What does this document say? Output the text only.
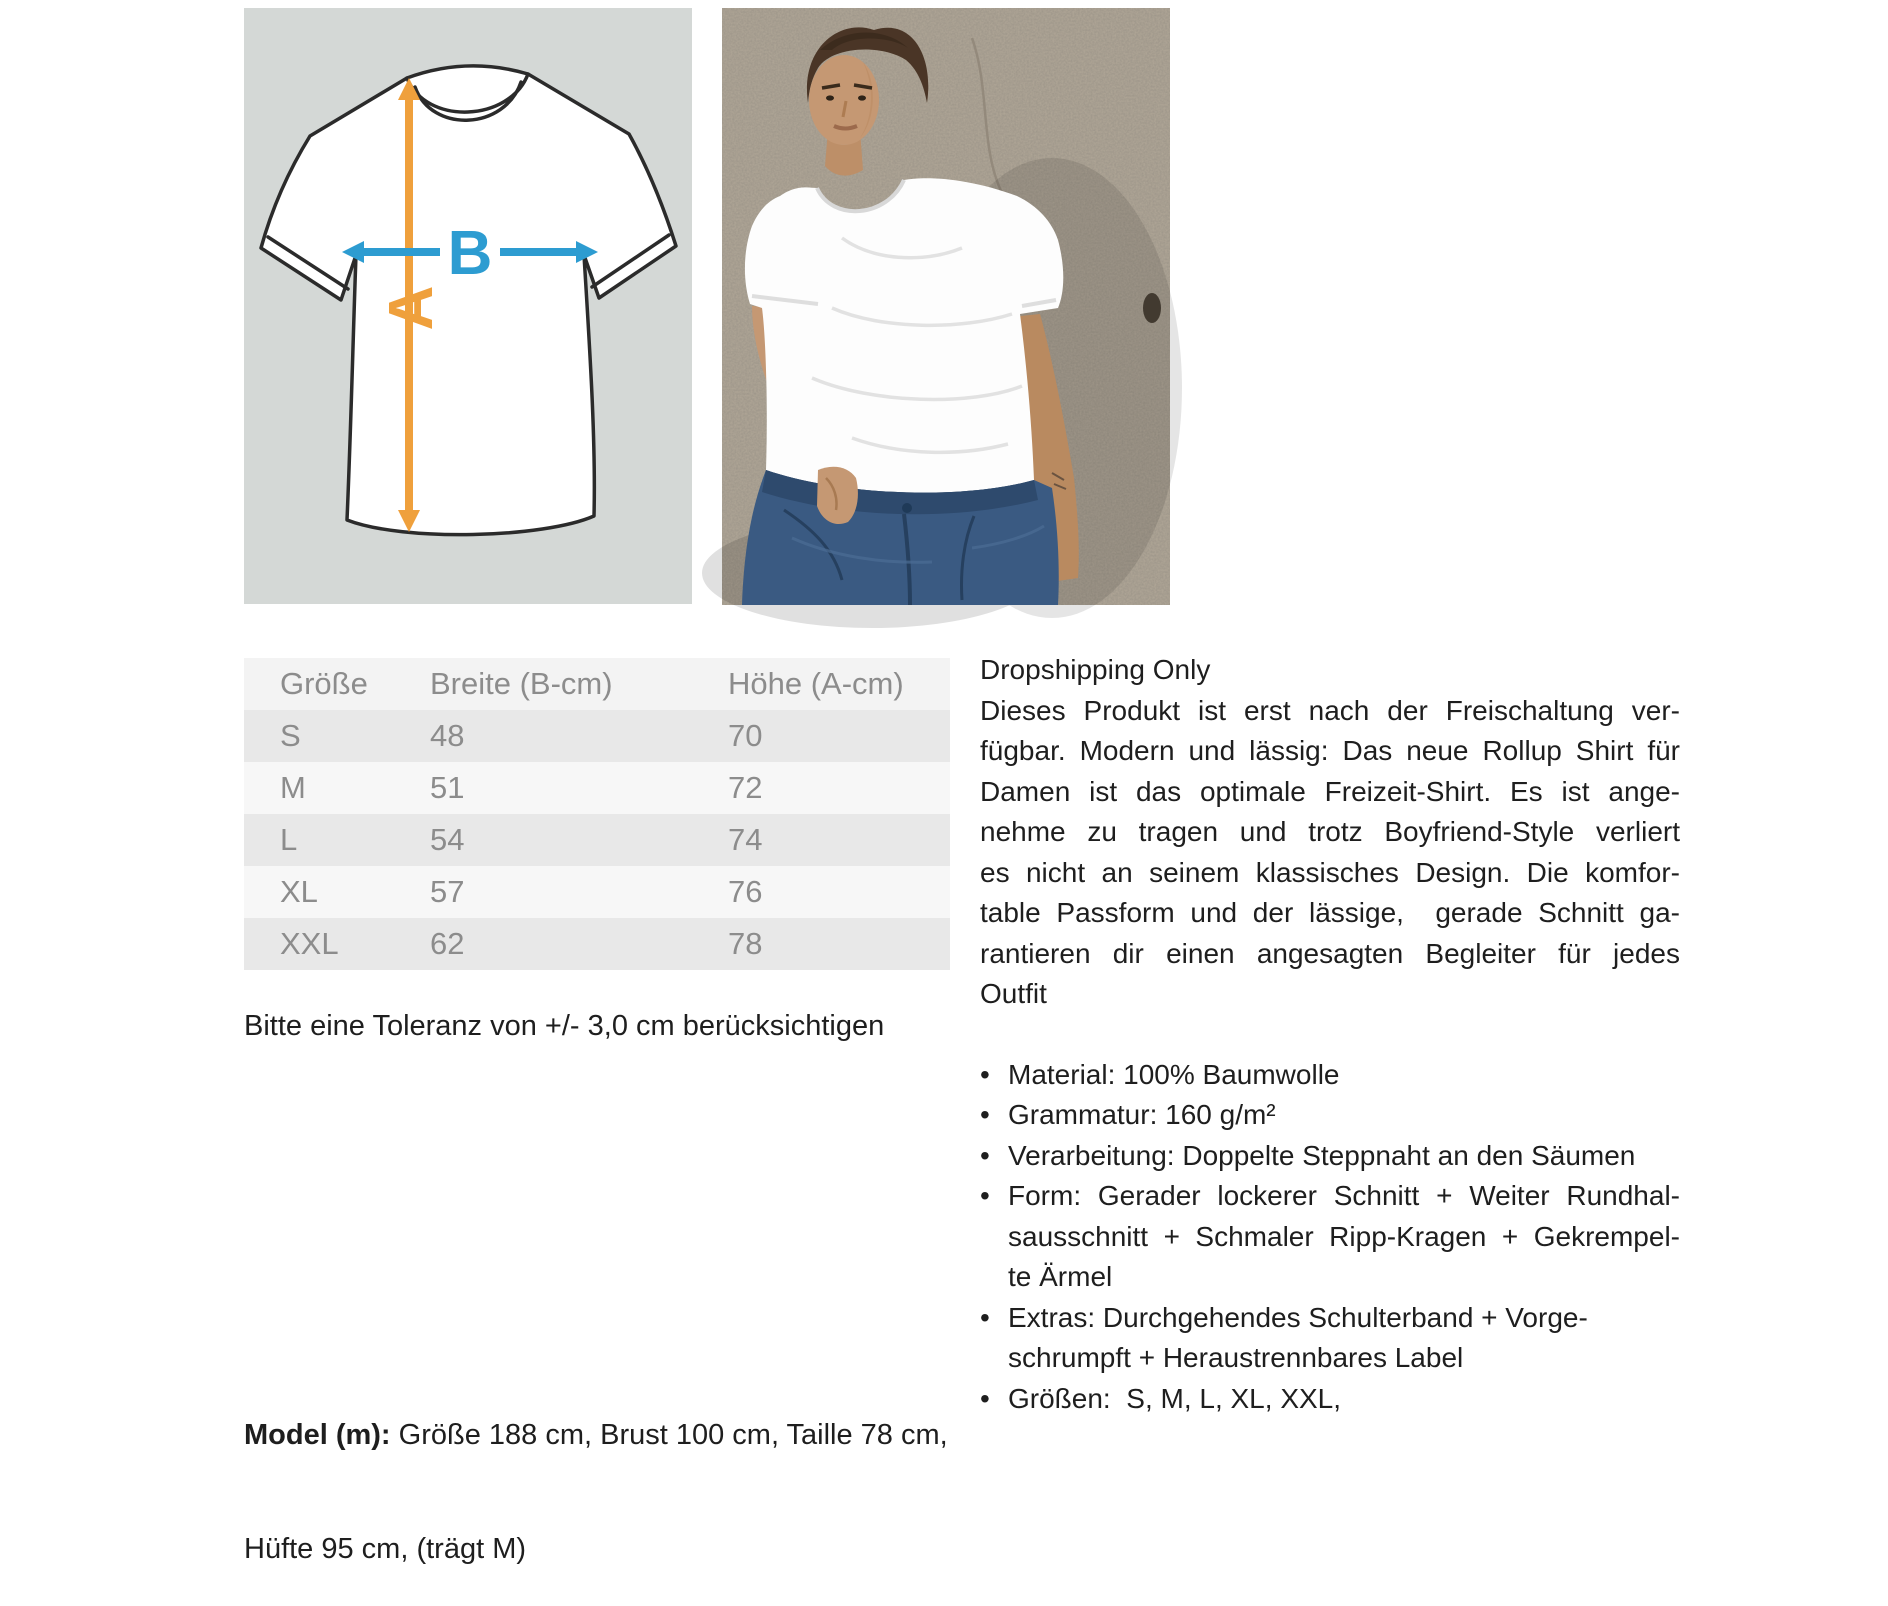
A
B
Größe	Breite (B-cm)	Höhe (A-cm)
S	48	70
M	51	72
L	54	74
XL	57	76
XXL	62	78
Bitte eine Toleranz von +/- 3,0 cm berücksichtigen

Model (m): Größe 188 cm, Brust 100 cm, Taille 78 cm,

Hüfte 95 cm, (trägt M)

Dropshipping Only
Dieses Produkt ist erst nach der Freischaltung ver-
fügbar. Modern und lässig: Das neue Rollup Shirt für
Damen ist das optimale Freizeit-Shirt. Es ist ange-
nehme zu tragen und trotz Boyfriend-Style verliert
es nicht an seinem klassisches Design. Die komfor-
table Passform und der lässige,  gerade Schnitt ga-
rantieren dir einen angesagten Begleiter für jedes
Outfit
• Material: 100% Baumwolle
• Grammatur: 160 g/m²
• Verarbeitung: Doppelte Steppnaht an den Säumen
• Form: Gerader lockerer Schnitt + Weiter Rundhal-
sausschnitt + Schmaler Ripp-Kragen + Gekrempel-
te Ärmel
• Extras: Durchgehendes Schulterband + Vorge-
schrumpft + Heraustrennbares Label
• Größen:  S, M, L, XL, XXL,
